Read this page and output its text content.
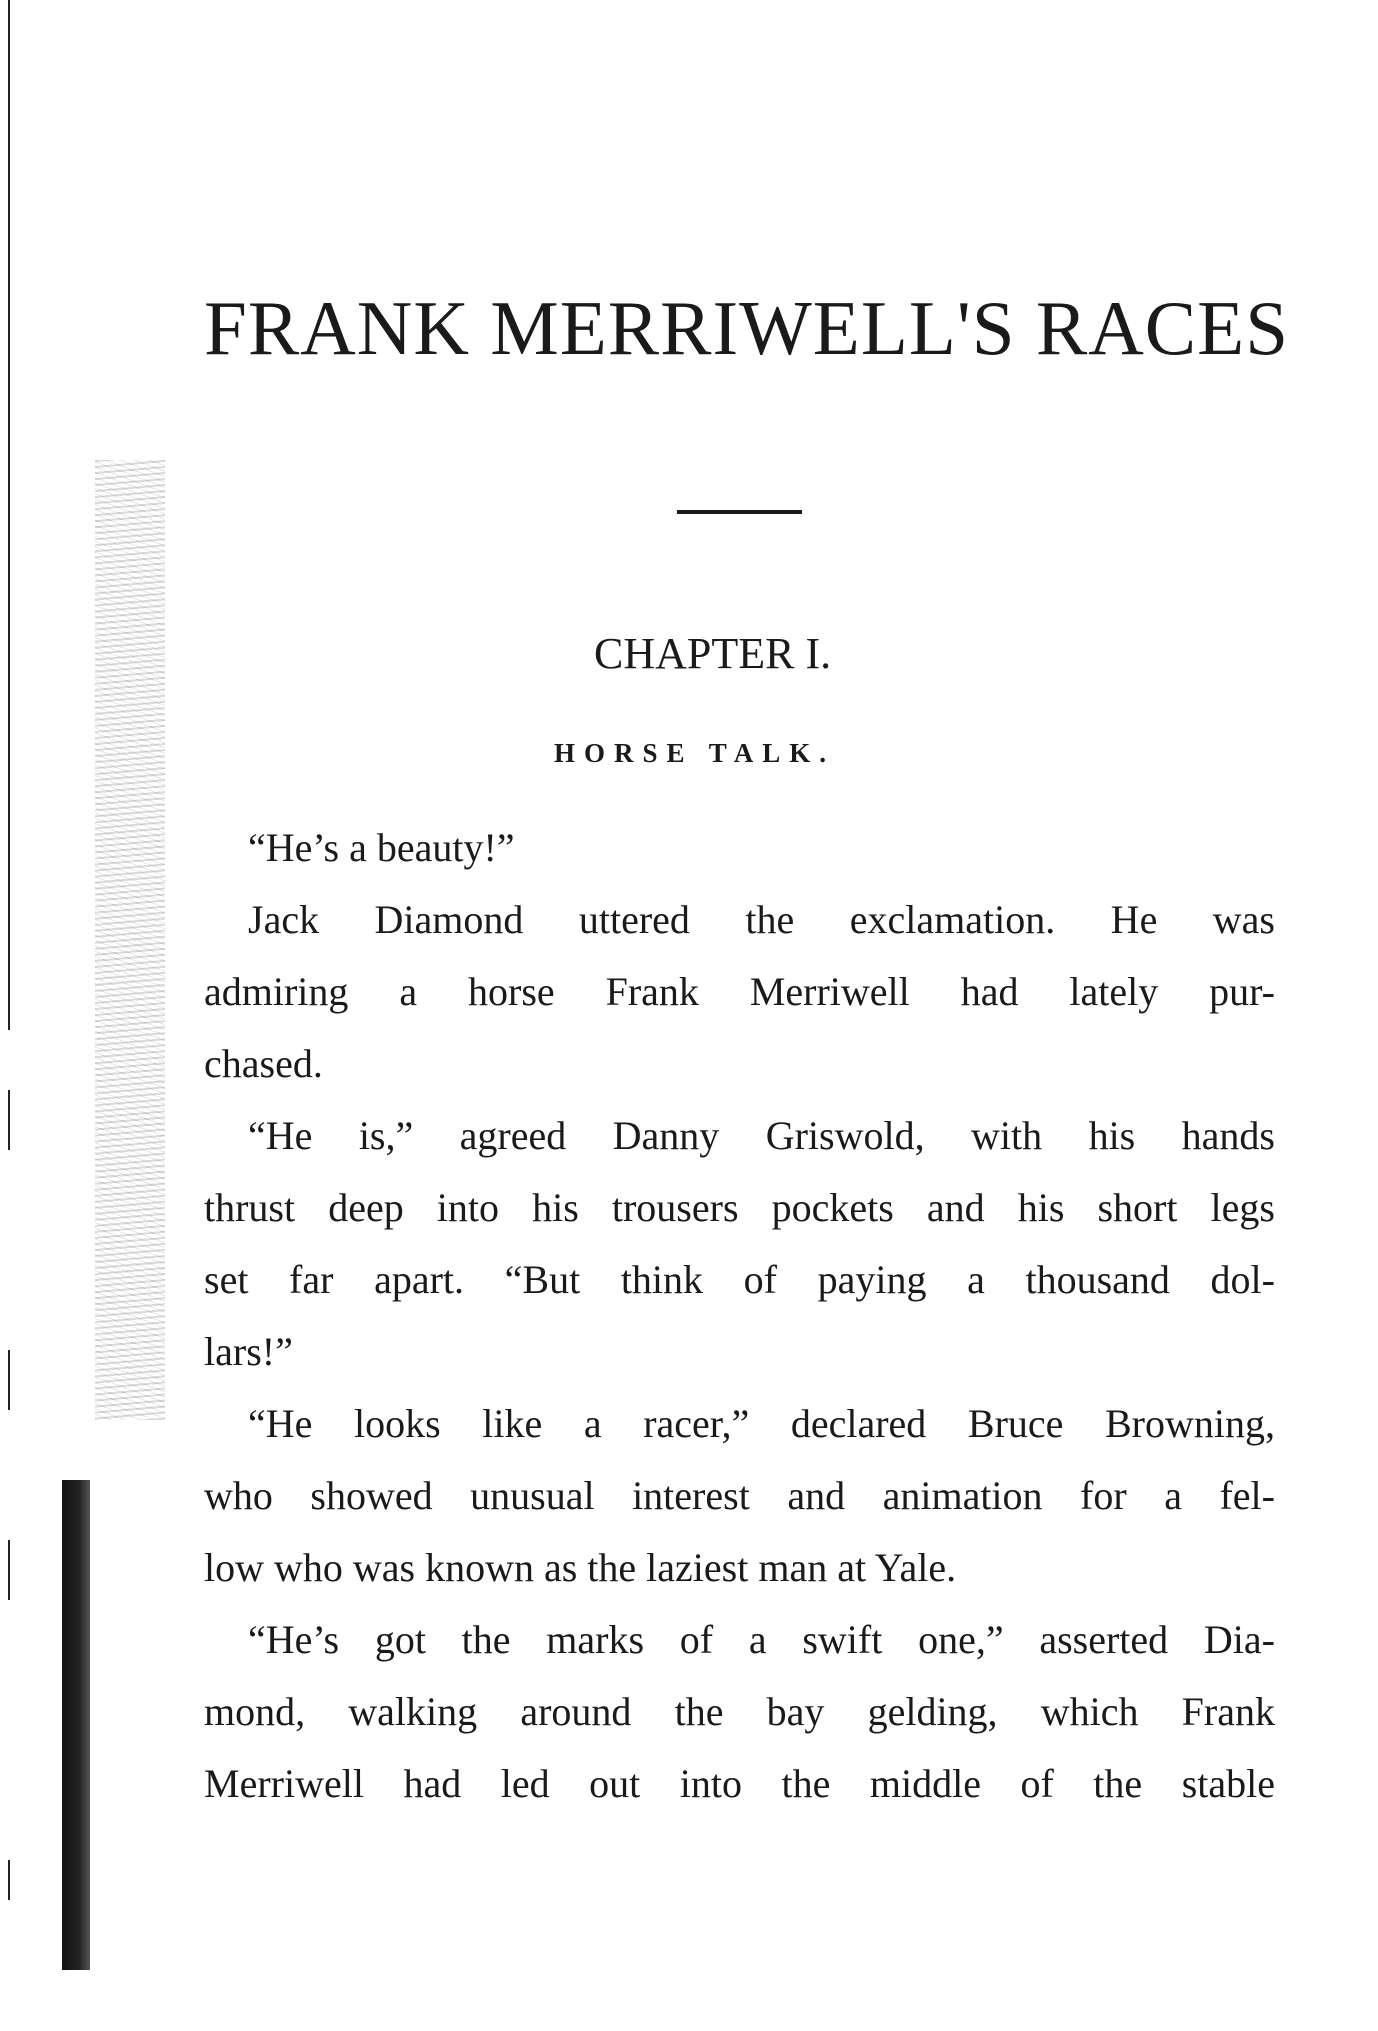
FRANK MERRIWELL'S RACES
CHAPTER I.
HORSE TALK.

“He’s a beauty!”

Jack Diamond uttered the exclamation. He was

admiring a horse Frank Merriwell had lately pur-

chased.

“He is,” agreed Danny Griswold, with his hands

thrust deep into his trousers pockets and his short legs

set far apart. “But think of paying a thousand dol-

lars!”

“He looks like a racer,” declared Bruce Browning,

who showed unusual interest and animation for a fel-

low who was known as the laziest man at Yale.

“He’s got the marks of a swift one,” asserted Dia-

mond, walking around the bay gelding, which Frank

Merriwell had led out into the middle of the stable
